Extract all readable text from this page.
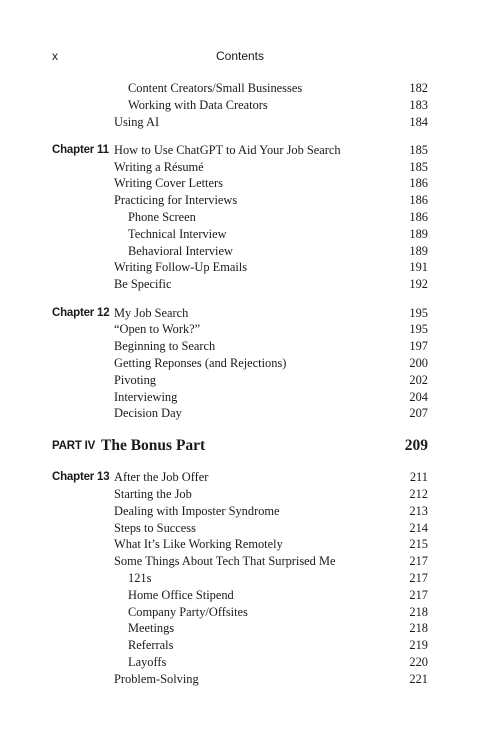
x	Contents
Content Creators/Small Businesses	182
Working with Data Creators	183
Using AI	184
Chapter 11 How to Use ChatGPT to Aid Your Job Search	185
Writing a Résumé	185
Writing Cover Letters	186
Practicing for Interviews	186
Phone Screen	186
Technical Interview	189
Behavioral Interview	189
Writing Follow-Up Emails	191
Be Specific	192
Chapter 12 My Job Search	195
“Open to Work?”	195
Beginning to Search	197
Getting Reponses (and Rejections)	200
Pivoting	202
Interviewing	204
Decision Day	207
PART IV The Bonus Part	209
Chapter 13 After the Job Offer	211
Starting the Job	212
Dealing with Imposter Syndrome	213
Steps to Success	214
What It’s Like Working Remotely	215
Some Things About Tech That Surprised Me	217
121s	217
Home Office Stipend	217
Company Party/Offsites	218
Meetings	218
Referrals	219
Layoffs	220
Problem-Solving	221
